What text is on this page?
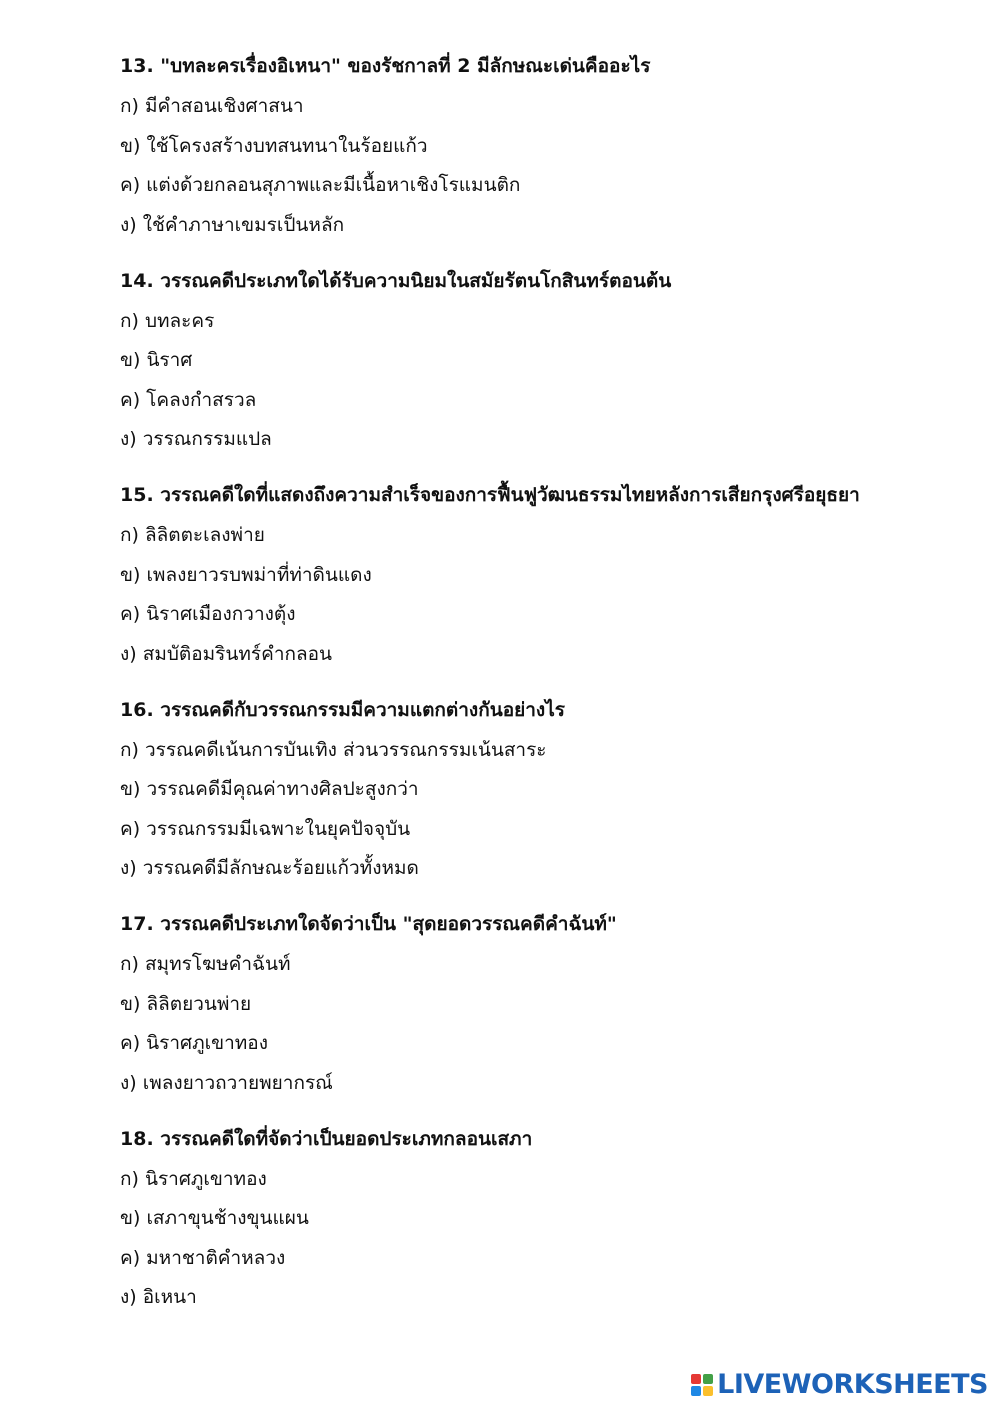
13. "บทละครเรื่องอิเหนา" ของรัชกาลที่ 2 มีลักษณะเด่นคืออะไร
ก) มีคำสอนเชิงศาสนา
ข) ใช้โครงสร้างบทสนทนาในร้อยแก้ว
ค) แต่งด้วยกลอนสุภาพและมีเนื้อหาเชิงโรแมนติก
ง) ใช้คำภาษาเขมรเป็นหลัก
14. วรรณคดีประเภทใดได้รับความนิยมในสมัยรัตนโกสินทร์ตอนต้น
ก) บทละคร
ข) นิราศ
ค) โคลงกำสรวล
ง) วรรณกรรมแปล
15. วรรณคดีใดที่แสดงถึงความสำเร็จของการฟื้นฟูวัฒนธรรมไทยหลังการเสียกรุงศรีอยุธยา
ก) ลิลิตตะเลงพ่าย
ข) เพลงยาวรบพม่าที่ท่าดินแดง
ค) นิราศเมืองกวางตุ้ง
ง) สมบัติอมรินทร์คำกลอน
16. วรรณคดีกับวรรณกรรมมีความแตกต่างกันอย่างไร
ก) วรรณคดีเน้นการบันเทิง ส่วนวรรณกรรมเน้นสาระ
ข) วรรณคดีมีคุณค่าทางศิลปะสูงกว่า
ค) วรรณกรรมมีเฉพาะในยุคปัจจุบัน
ง) วรรณคดีมีลักษณะร้อยแก้วทั้งหมด
17. วรรณคดีประเภทใดจัดว่าเป็น "สุดยอดวรรณคดีคำฉันท์"
ก) สมุทรโฆษคำฉันท์
ข) ลิลิตยวนพ่าย
ค) นิราศภูเขาทอง
ง) เพลงยาวถวายพยากรณ์
18. วรรณคดีใดที่จัดว่าเป็นยอดประเภทกลอนเสภา
ก) นิราศภูเขาทอง
ข) เสภาขุนช้างขุนแผน
ค) มหาชาติคำหลวง
ง) อิเหนา
LIVEWORKSHEETS
